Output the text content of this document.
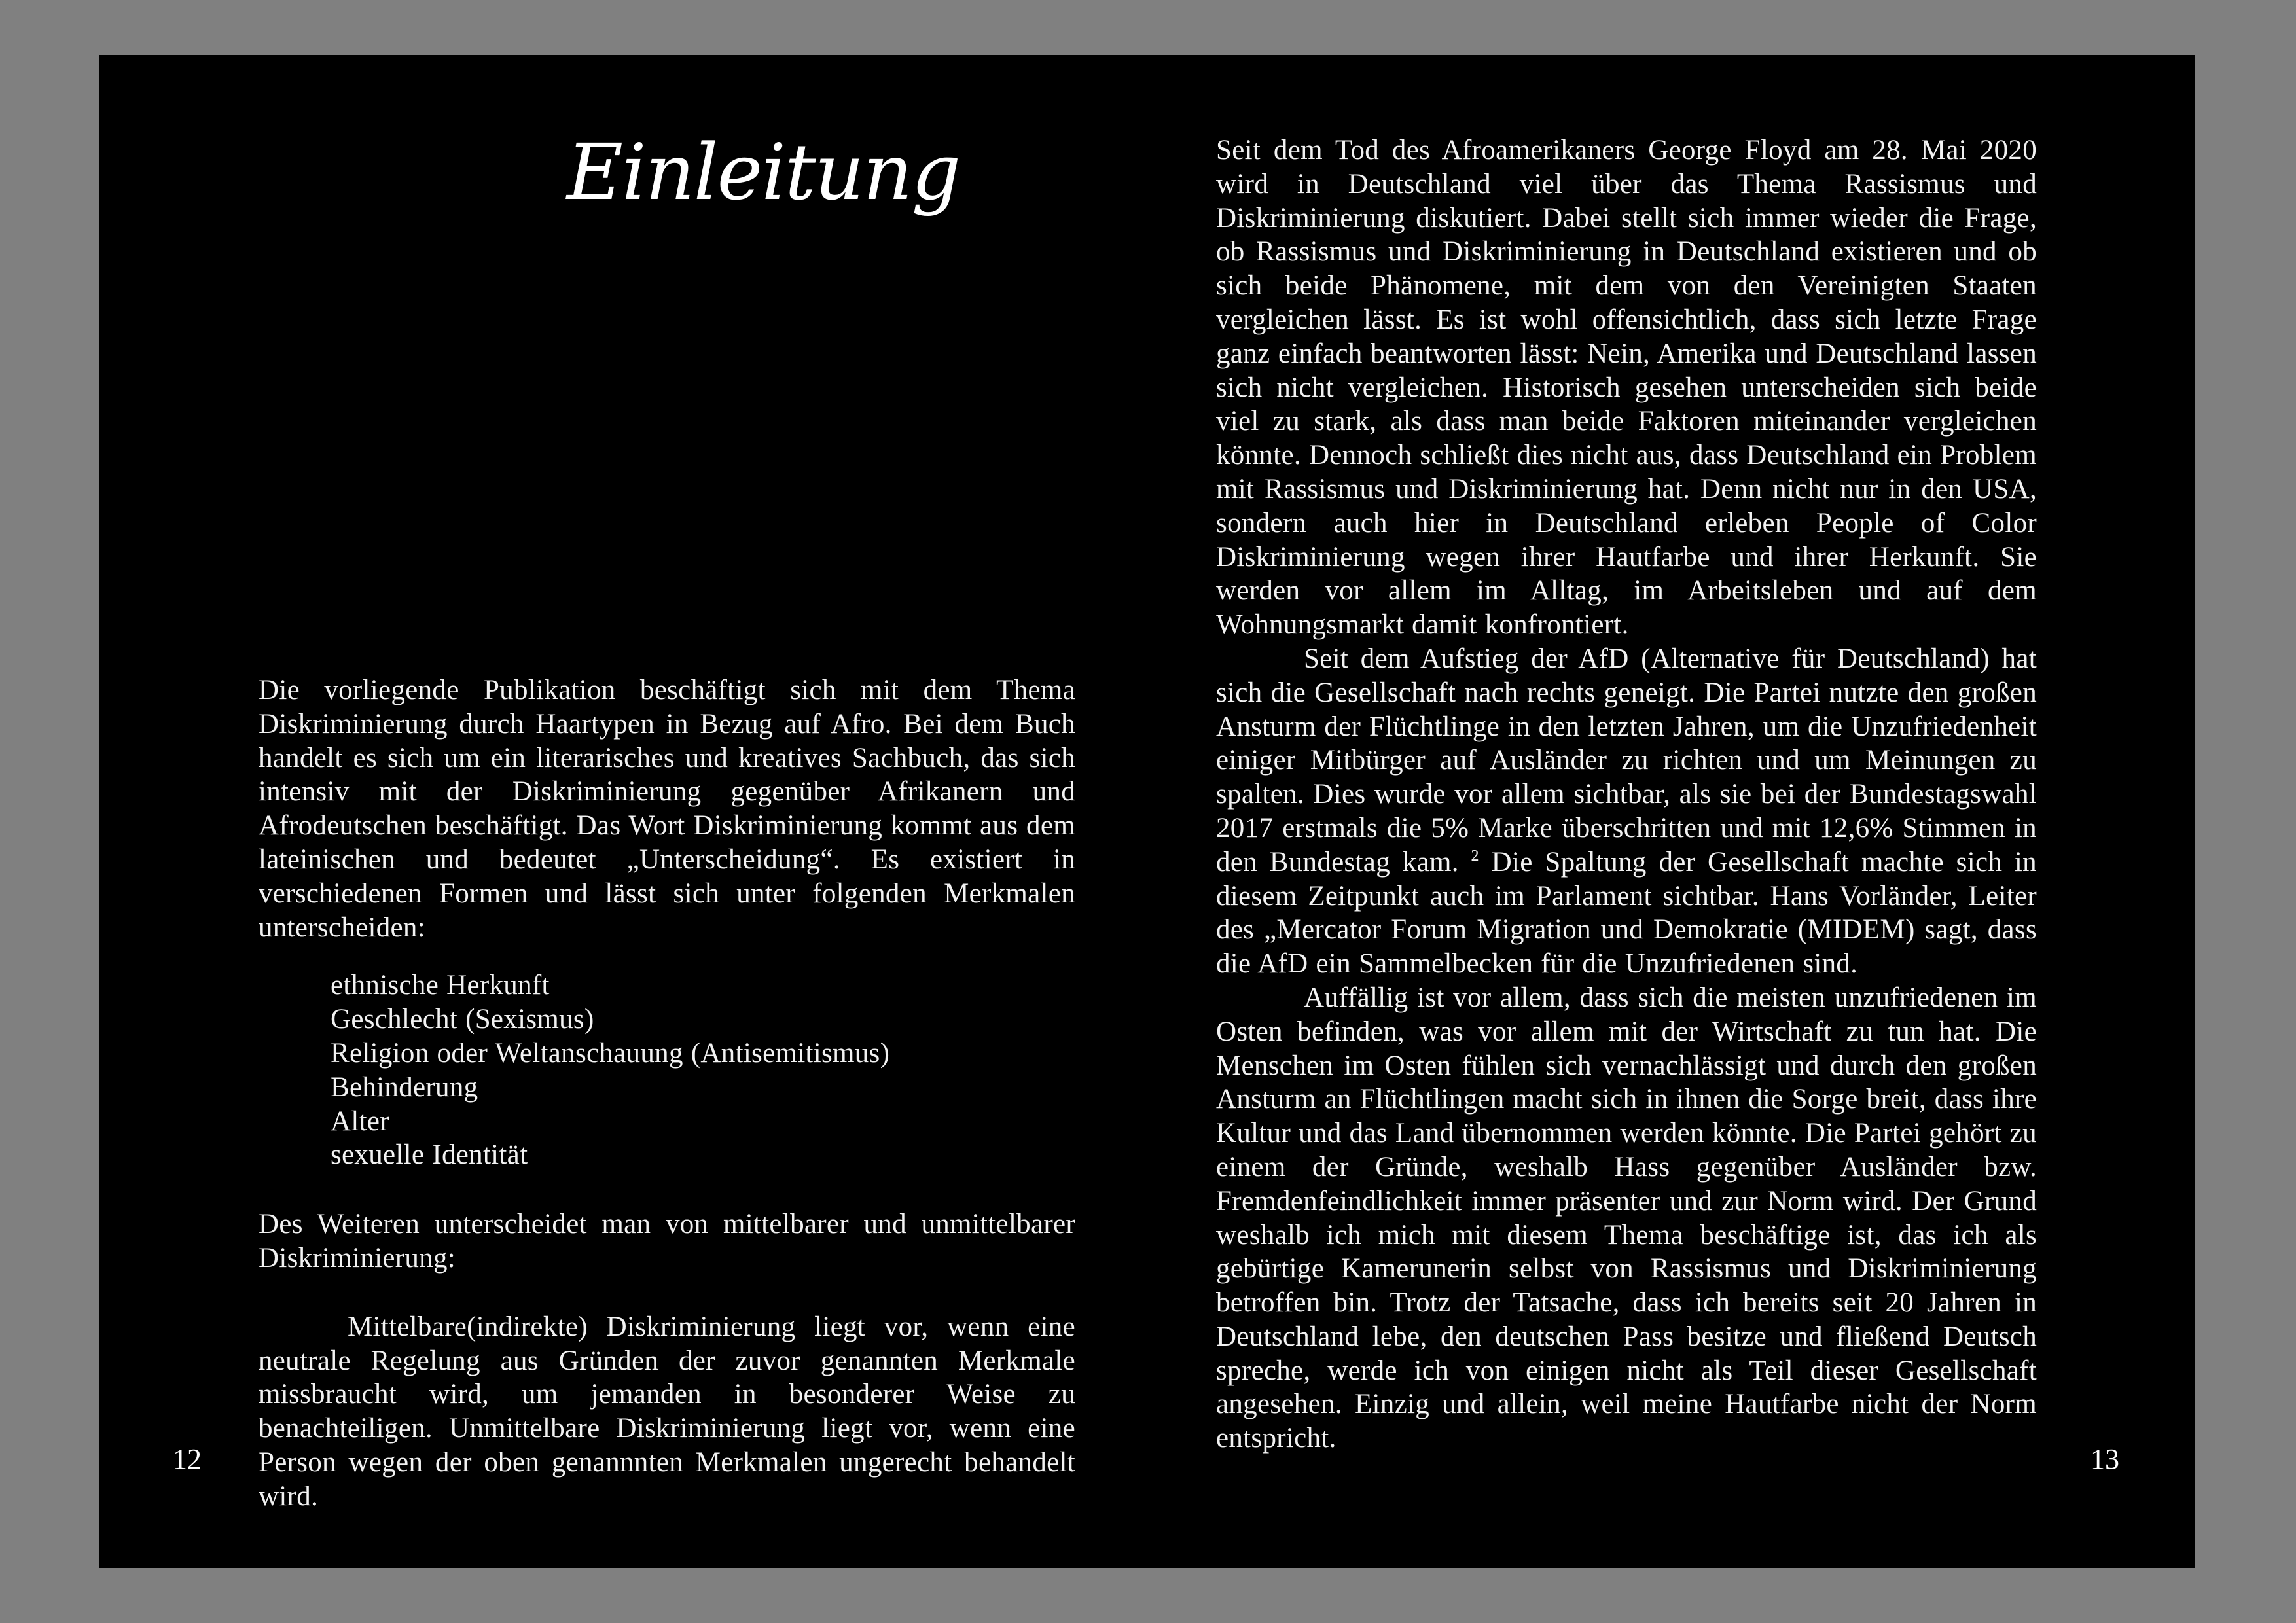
Einleitung

Die vorliegende Publikation beschäftigt sich mit dem Thema Diskriminierung durch Haartypen in Bezug auf Afro. Bei dem Buch handelt es sich um ein literarisches und kreatives Sachbuch, das sich intensiv mit der Diskriminierung gegenüber Afrikanern und Afrodeutschen beschäftigt. Das Wort Diskriminierung kommt aus dem lateinischen und bedeutet „Unterscheidung“. Es existiert in verschiedenen Formen und lässt sich unter folgenden Merkmalen unterscheiden:

ethnische Herkunft
Geschlecht (Sexismus)
Religion oder Weltanschauung (Antisemitismus)
Behinderung
Alter
sexuelle Identität

Des Weiteren unterscheidet man von mittelbarer und unmittelbarer Diskriminierung:

Mittelbare(indirekte) Diskriminierung liegt vor, wenn eine neutrale Regelung aus Gründen der zuvor genannten Merkmale missbraucht wird, um jemanden in besonderer Weise zu benachteiligen. Unmittelbare Diskriminierung liegt vor, wenn eine Person wegen der oben genannnten Merkmalen ungerecht behandelt wird.

Seit dem Tod des Afroamerikaners George Floyd am 28. Mai 2020 wird in Deutschland viel über das Thema Rassismus und Diskriminierung diskutiert. Dabei stellt sich immer wieder die Frage, ob Rassismus und Diskriminierung in Deutschland existieren und ob sich beide Phänomene, mit dem von den Vereinigten Staaten vergleichen lässt. Es ist wohl offensichtlich, dass sich letzte Frage ganz einfach beantworten lässt: Nein, Amerika und Deutschland lassen sich nicht vergleichen. Historisch gesehen unterscheiden sich beide viel zu stark, als dass man beide Faktoren miteinander vergleichen könnte. Dennoch schließt dies nicht aus, dass Deutschland ein Problem mit Rassismus und Diskriminierung hat. Denn nicht nur in den USA, sondern auch hier in Deutschland erleben People of Color Diskriminierung wegen ihrer Hautfarbe und ihrer Herkunft. Sie werden vor allem im Alltag, im Arbeitsleben und auf dem Wohnungsmarkt damit konfrontiert.

Seit dem Aufstieg der AfD (Alternative für Deutschland) hat sich die Gesellschaft nach rechts geneigt. Die Partei nutzte den großen Ansturm der Flüchtlinge in den letzten Jahren, um die Unzufriedenheit einiger Mitbürger auf Ausländer zu richten und um Meinungen zu spalten. Dies wurde vor allem sichtbar, als sie bei der Bundestagswahl 2017 erstmals die 5% Marke überschritten und mit 12,6% Stimmen in den Bundestag kam. $^2$ Die Spaltung der Gesellschaft machte sich in diesem Zeitpunkt auch im Parlament sichtbar. Hans Vorländer, Leiter des „Mercator Forum Migration und Demokratie (MIDEM) sagt, dass die AfD ein Sammelbecken für die Unzufriedenen sind.

Auffällig ist vor allem, dass sich die meisten unzufriedenen im Osten befinden, was vor allem mit der Wirtschaft zu tun hat. Die Menschen im Osten fühlen sich vernachlässigt und durch den großen Ansturm an Flüchtlingen macht sich in ihnen die Sorge breit, dass ihre Kultur und das Land übernommen werden könnte. Die Partei gehört zu einem der Gründe, weshalb Hass gegenüber Ausländer bzw. Fremdenfeindlichkeit immer präsenter und zur Norm wird. Der Grund weshalb ich mich mit diesem Thema beschäftige ist, das ich als gebürtige Kamerunerin selbst von Rassismus und Diskriminierung betroffen bin. Trotz der Tatsache, dass ich bereits seit 20 Jahren in Deutschland lebe, den deutschen Pass besitze und fließend Deutsch spreche, werde ich von einigen nicht als Teil dieser Gesellschaft angesehen. Einzig und allein, weil meine Hautfarbe nicht der Norm entspricht.

12	13
